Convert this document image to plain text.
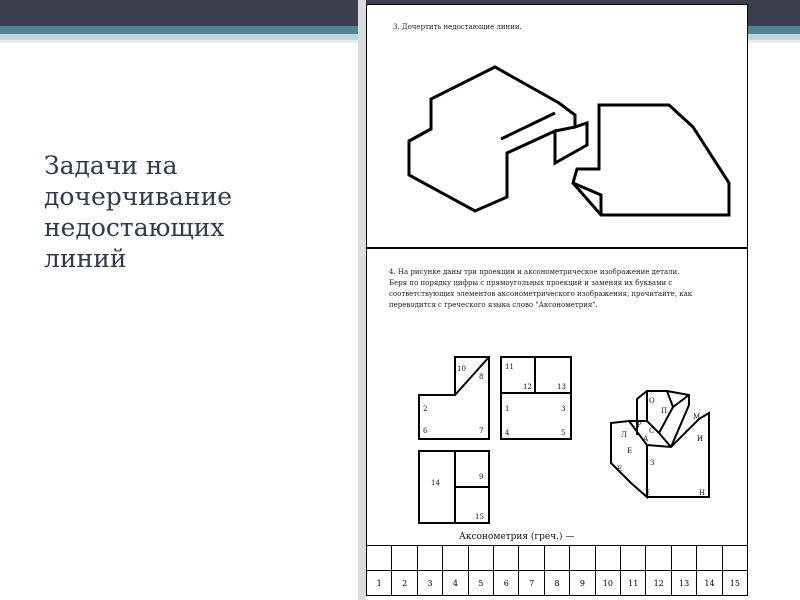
Задачи на
дочерчивание
недостающих
линий
3. Дочертить недостающие линии.
4. На рисунке даны три проекции и аксонометрическое изображение детали.
Беря по порядку цифры с прямоугольных проекций и заменяя их буквами с
соответствующих элементов аксонометрического изображения, прочитайте, как
переводится с греческого языка слово "Аксонометрия".
10
8
2
6	7
11
12	13
1	3
4	5
14
9
15
О
П
С
М
Р
Л А	И
Е
Е
З
Н
Е
Аксонометрия (греч.) —
1	2	3	4	5	6	7	8	9	10	11	12	13	14	15
